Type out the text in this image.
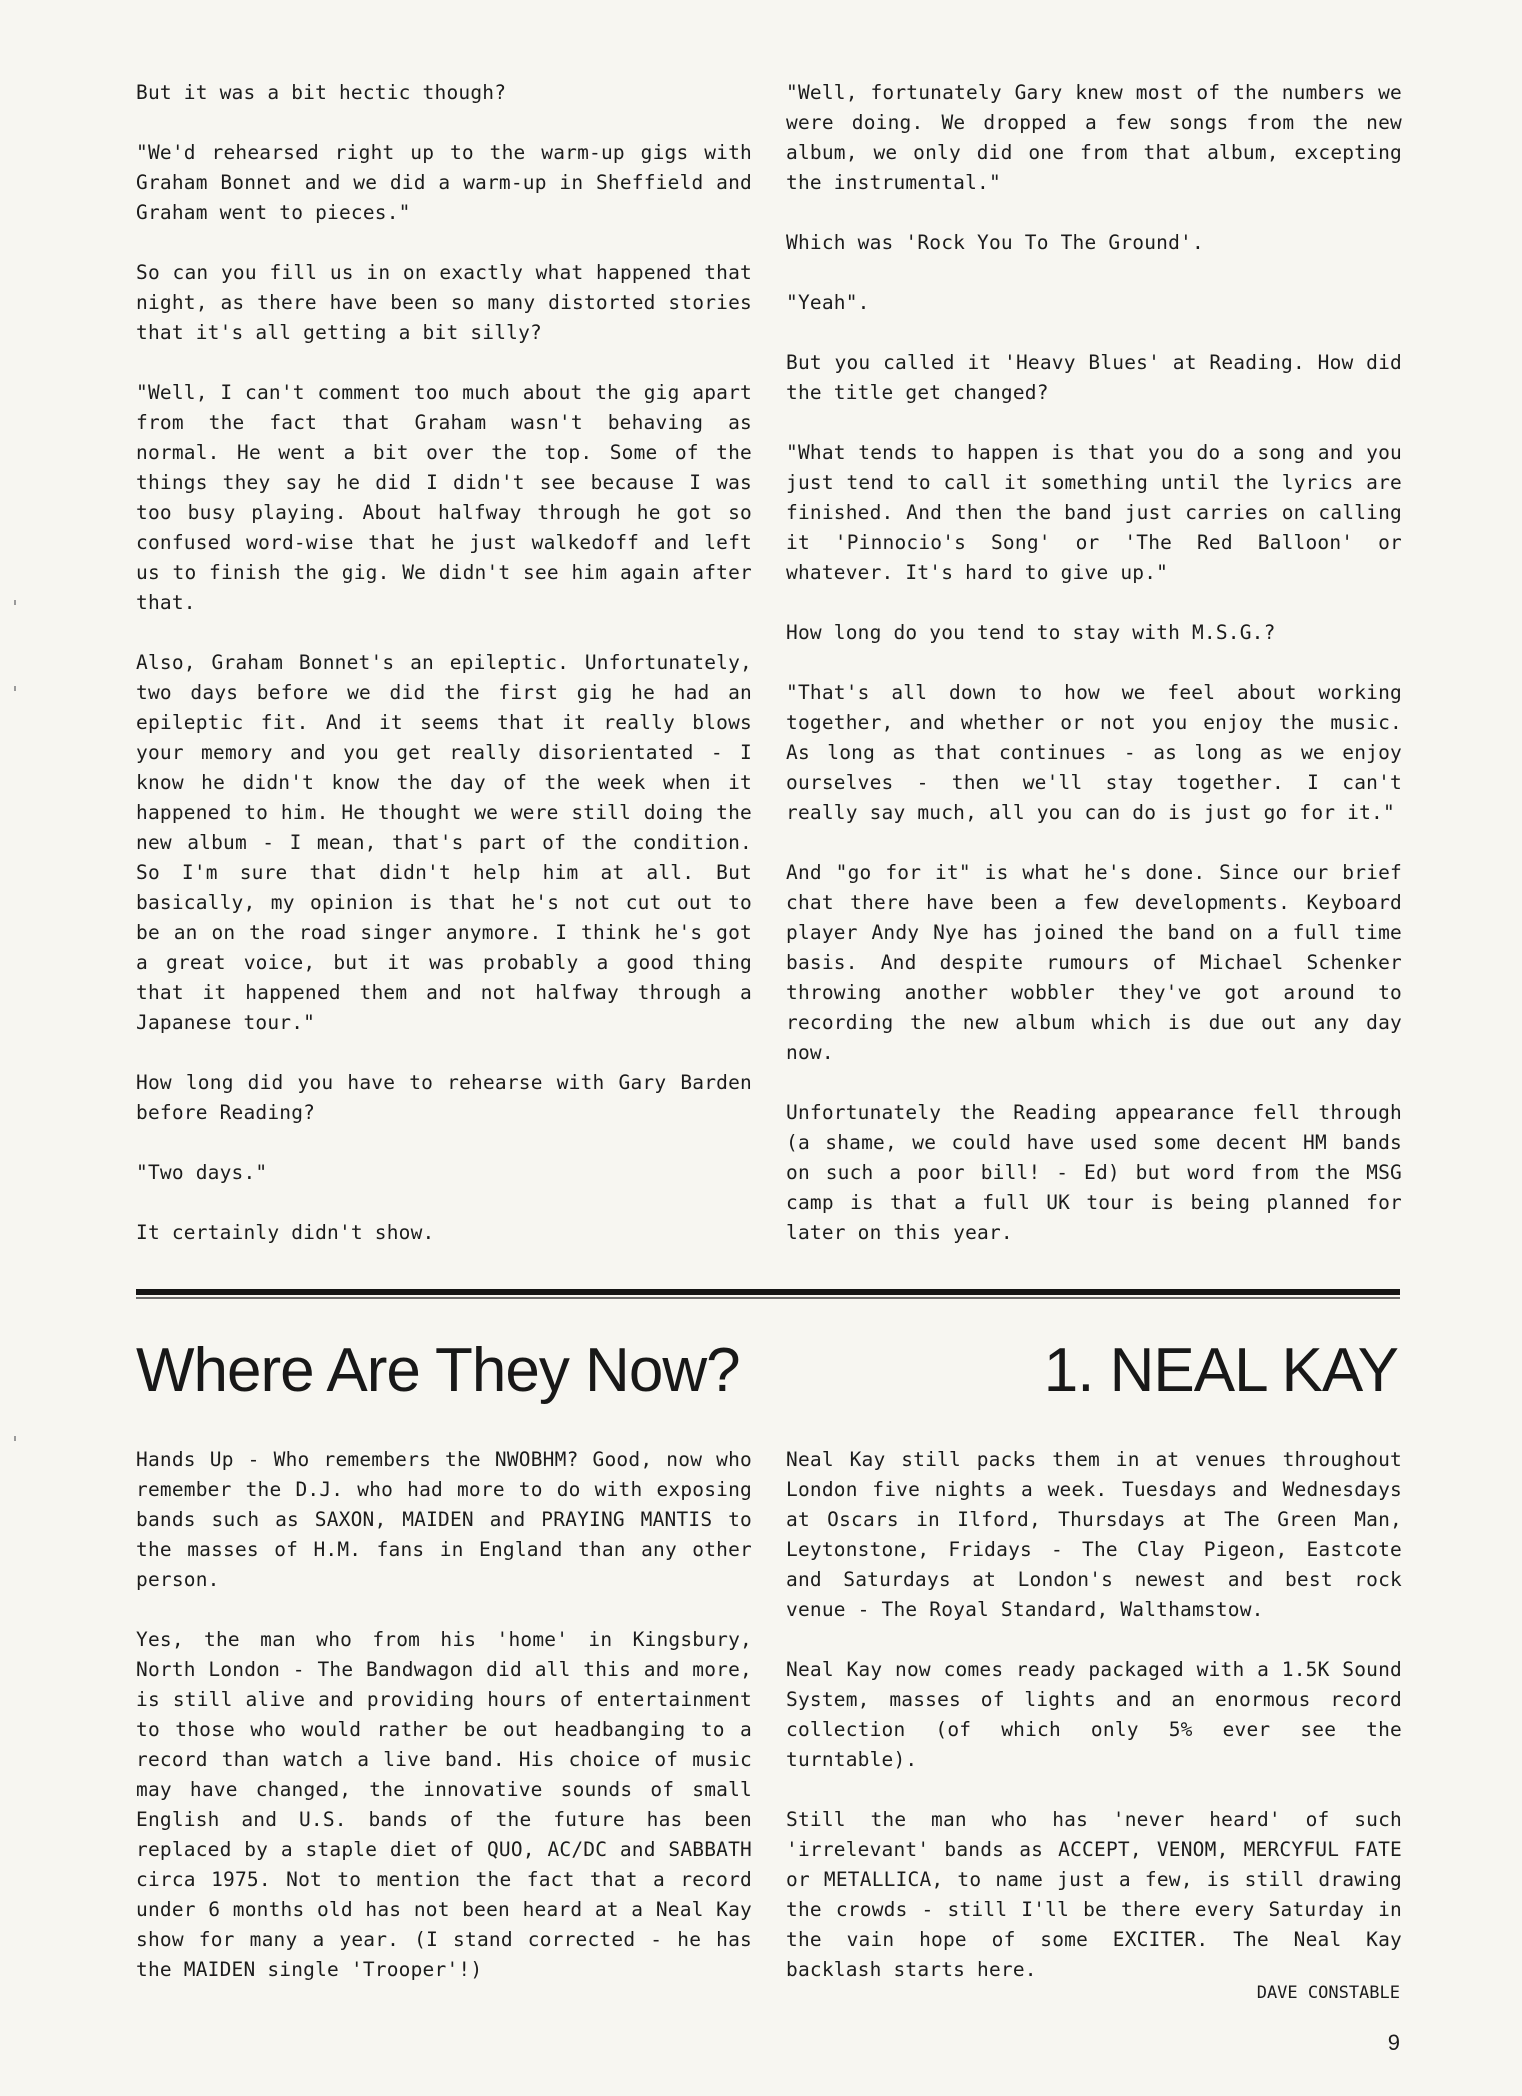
But it was a bit hectic though?

"We'd rehearsed right up to the warm-up gigs with Graham Bonnet and we did a warm-up in Sheffield and Graham went to pieces."

So can you fill us in on exactly what happened that night, as there have been so many distorted stories that it's all getting a bit silly?

"Well, I can't comment too much about the gig apart from the fact that Graham wasn't behaving as normal. He went a bit over the top. Some of the things they say he did I didn't see because I was too busy playing. About halfway through he got so confused word-wise that he just walkedoff and left us to finish the gig. We didn't see him again after that.

Also, Graham Bonnet's an epileptic. Unfortunately, two days before we did the first gig he had an epileptic fit. And it seems that it really blows your memory and you get really disorientated - I know he didn't know the day of the week when it happened to him. He thought we were still doing the new album - I mean, that's part of the condition. So I'm sure that didn't help him at all. But basically, my opinion is that he's not cut out to be an on the road singer anymore. I think he's got a great voice, but it was probably a good thing that it happened them and not halfway through a Japanese tour."

How long did you have to rehearse with Gary Barden before Reading?

"Two days."

It certainly didn't show.

"Well, fortunately Gary knew most of the numbers we were doing. We dropped a few songs from the new album, we only did one from that album, excepting the instrumental."

Which was 'Rock You To The Ground'.

"Yeah".

But you called it 'Heavy Blues' at Reading. How did the title get changed?

"What tends to happen is that you do a song and you just tend to call it something until the lyrics are finished. And then the band just carries on calling it 'Pinnocio's Song' or 'The Red Balloon' or whatever. It's hard to give up."

How long do you tend to stay with M.S.G.?

"That's all down to how we feel about working together, and whether or not you enjoy the music. As long as that continues - as long as we enjoy ourselves - then we'll stay together. I can't really say much, all you can do is just go for it."

And "go for it" is what he's done. Since our brief chat there have been a few developments. Keyboard player Andy Nye has joined the band on a full time basis. And despite rumours of Michael Schenker throwing another wobbler they've got around to recording the new album which is due out any day now.

Unfortunately the Reading appearance fell through (a shame, we could have used some decent HM bands on such a poor bill! - Ed) but word from the MSG camp is that a full UK tour is being planned for later on this year.

Where Are They Now?	1. NEAL KAY

Hands Up - Who remembers the NWOBHM? Good, now who remember the D.J. who had more to do with exposing bands such as SAXON, MAIDEN and PRAYING MANTIS to the masses of H.M. fans in England than any other person.

Yes, the man who from his 'home' in Kingsbury, North London - The Bandwagon did all this and more, is still alive and providing hours of entertainment to those who would rather be out headbanging to a record than watch a live band. His choice of music may have changed, the innovative sounds of small English and U.S. bands of the future has been replaced by a staple diet of QUO, AC/DC and SABBATH circa 1975. Not to mention the fact that a record under 6 months old has not been heard at a Neal Kay show for many a year. (I stand corrected - he has the MAIDEN single 'Trooper'!)

Neal Kay still packs them in at venues throughout London five nights a week. Tuesdays and Wednesdays at Oscars in Ilford, Thursdays at The Green Man, Leytonstone, Fridays - The Clay Pigeon, Eastcote and Saturdays at London's newest and best rock venue - The Royal Standard, Walthamstow.

Neal Kay now comes ready packaged with a 1.5K Sound System, masses of lights and an enormous record collection (of which only 5% ever see the turntable).

Still the man who has 'never heard' of such 'irrelevant' bands as ACCEPT, VENOM, MERCYFUL FATE or METALLICA, to name just a few, is still drawing the crowds - still I'll be there every Saturday in the vain hope of some EXCITER. The Neal Kay backlash starts here.

DAVE CONSTABLE
9
